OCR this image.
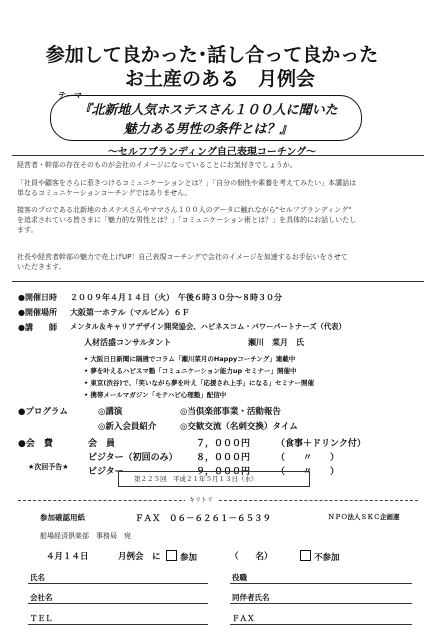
参加して良かった･話し合って良かった
お土産のある　月例会
テーマ
『北新地人気ホステスさん１００人に聞いた
魅力ある男性の条件とは？』
～セルフブランディング自己表現コーチング～
経営者・幹部の存在そのものが会社のイメージになっていることにお気付きでしょうか。
「社員や顧客をさらに惹きつけるコミュニケーションとは？」「自分の個性や素養を考えてみたい」本講話は
単なるコミュニケーションコーチングではありません。
接客のプロである北新地のホステスさんやママさん１００人のデータに触れながら"セルフブランディング"
を追求されている皆さまに「魅力的な男性とは？」「コミュニケーション術とは？」を具体的にお話しいたし
ます。
社長や経営者幹部の魅力で売上げUP！自己表現コーチングで会社のイメージを加速するお手伝いをさせて
いただきます。
●開催日時 ２００９年４月１４日（火）　午後６時３０分～８時３０分
●開催場所 大阪第一ホテル（マルビル）６Ｆ
●講　　師 メンタル＆キャリアデザイン開発協会、ハピネスコム・パワーパートナーズ（代表）
人材活盛コンサルタント	瀬川　菜月　氏
• 大阪日日新聞に隔週でコラム「瀬川菜月のHappyコーチング」連載中
• 夢を叶えるハピスマ塾「コミュニケーション能力up セミナー」開催中
• 東京(渋谷)で、「笑いながら夢を叶え「応援され上手」になる」セミナー開催
• 携帯メールマガジン「モテハピ心理塾」配信中
●プログラム	◎講演	◎当倶楽部事業・活動報告
◎新入会員紹介	◎交歓交流（名刺交換）タイム
●会　費	会　員	７，０００円	（食事＋ドリンク付）
ビジター（初回のみ） ８，０００円	（　　〃　　）
ビジター	９，０００円	（　　〃　　）
★次回予告★
第２２５回　平成２１年５月１３日（水）
キリトリ
参加確認用紙	ＦＡＸ　０６－６２６１－６５３９	ＮＰＯ法人ＳＫＣ企画運
船場経済倶楽部　事務局　宛
４月１４日	月例会　に	参加	（　　名）	不参加
氏名	役職
会社名	同伴者氏名
ＴＥＬ	ＦＡＸ
